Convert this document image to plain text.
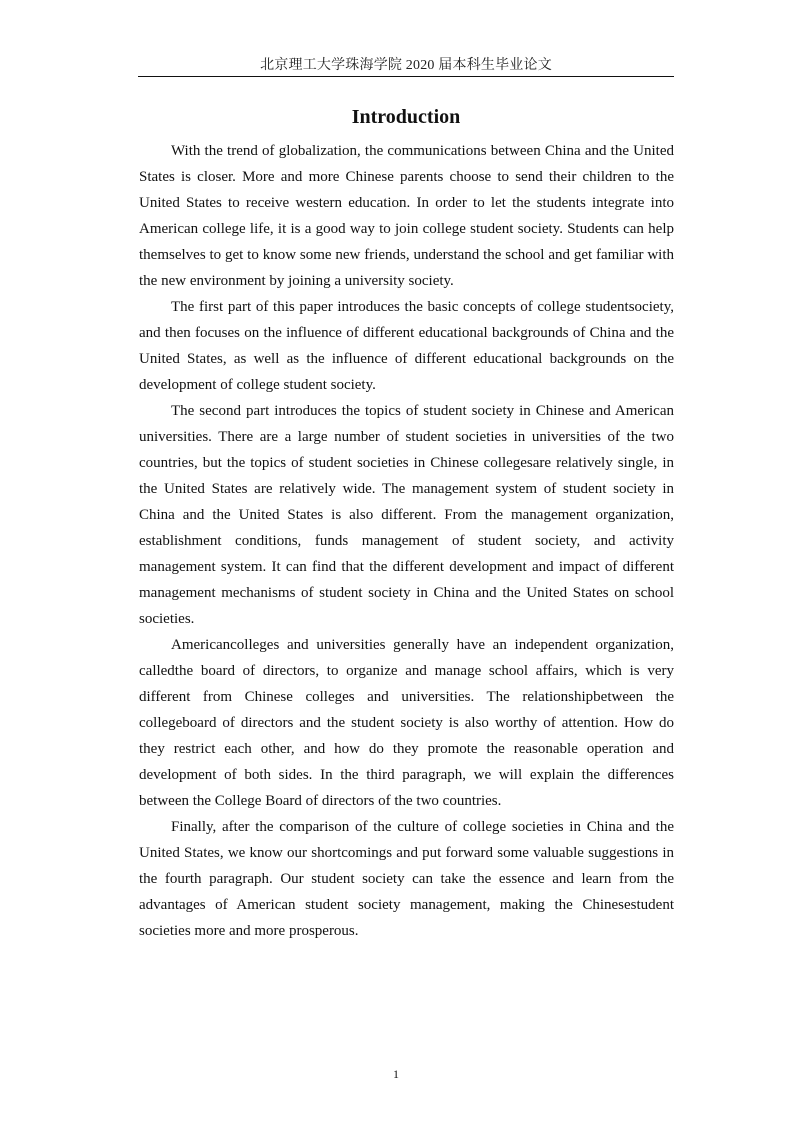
北京理工大学珠海学院 2020 届本科生毕业论文
Introduction

With the trend of globalization, the communications between China and the United States is closer. More and more Chinese parents choose to send their children to the United States to receive western education. In order to let the students integrate into American college life, it is a good way to join college student society. Students can help themselves to get to know some new friends, understand the school and get familiar with the new environment by joining a university society.

The first part of this paper introduces the basic concepts of college studentsociety, and then focuses on the influence of different educational backgrounds of China and the United States, as well as the influence of different educational backgrounds on the development of college student society.

The second part introduces the topics of student society in Chinese and American universities. There are a large number of student societies in universities of the two countries, but the topics of student societies in Chinese collegesare relatively single, in the United States are relatively wide. The management system of student society in China and the United States is also different. From the management organization, establishment conditions, funds management of student society, and activity management system. It can find that the different development and impact of different management mechanisms of student society in China and the United States on school societies.

Americancolleges and universities generally have an independent organization, calledthe board of directors, to organize and manage school affairs, which is very different from Chinese colleges and universities. The relationshipbetween the collegeboard of directors and the student society is also worthy of attention. How do they restrict each other, and how do they promote the reasonable operation and development of both sides. In the third paragraph, we will explain the differences between the College Board of directors of the two countries.

Finally, after the comparison of the culture of college societies in China and the United States, we know our shortcomings and put forward some valuable suggestions in the fourth paragraph. Our student society can take the essence and learn from the advantages of American student society management, making the Chinesestudent societies more and more prosperous.

1
